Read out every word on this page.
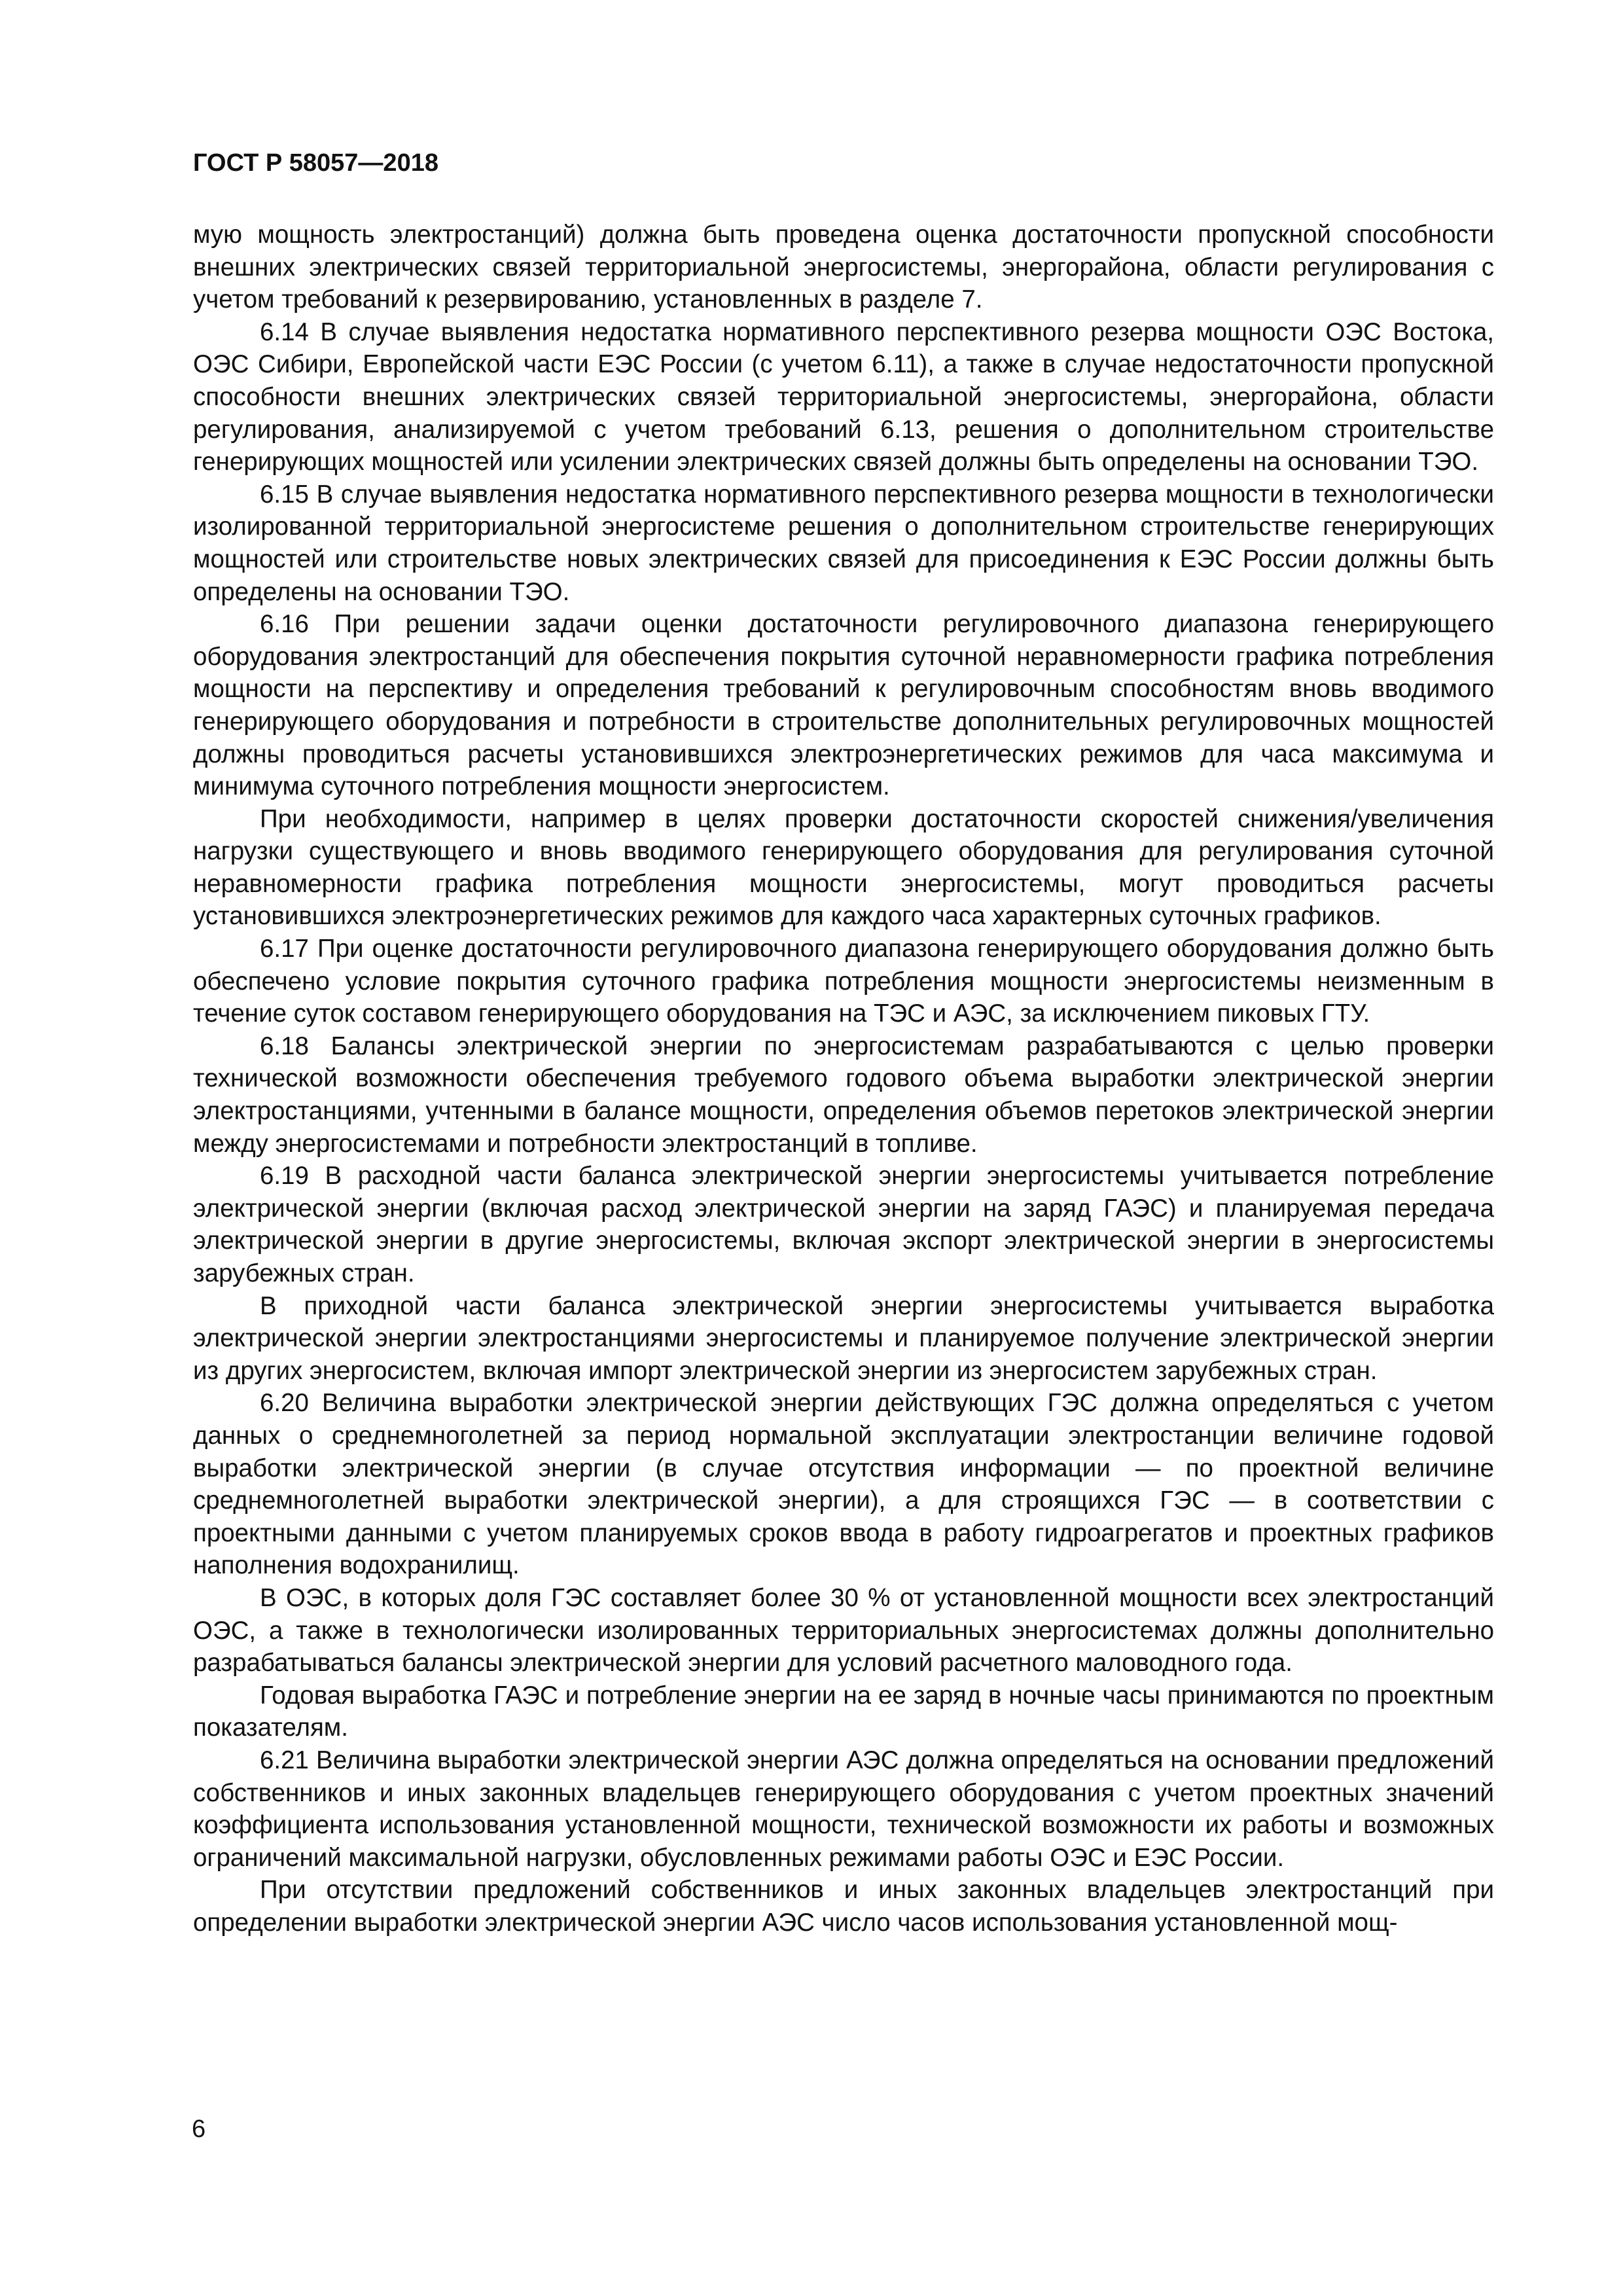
ГОСТ Р 58057—2018

мую мощность электростанций) должна быть проведена оценка достаточности пропускной способности внешних электрических связей территориальной энергосистемы, энергорайона, области регулирования с учетом требований к резервированию, установленных в разделе 7.

6.14 В случае выявления недостатка нормативного перспективного резерва мощности ОЭС Востока, ОЭС Сибири, Европейской части ЕЭС России (с учетом 6.11), а также в случае недостаточности пропускной способности внешних электрических связей территориальной энергосистемы, энергорайона, области регулирования, анализируемой с учетом требований 6.13, решения о дополнительном строительстве генерирующих мощностей или усилении электрических связей должны быть определены на основании ТЭО.

6.15 В случае выявления недостатка нормативного перспективного резерва мощности в технологически изолированной территориальной энергосистеме решения о дополнительном строительстве генерирующих мощностей или строительстве новых электрических связей для присоединения к ЕЭС России должны быть определены на основании ТЭО.

6.16 При решении задачи оценки достаточности регулировочного диапазона генерирующего оборудования электростанций для обеспечения покрытия суточной неравномерности графика потребления мощности на перспективу и определения требований к регулировочным способностям вновь вводимого генерирующего оборудования и потребности в строительстве дополнительных регулировочных мощностей должны проводиться расчеты установившихся электроэнергетических режимов для часа максимума и минимума суточного потребления мощности энергосистем.

При необходимости, например в целях проверки достаточности скоростей снижения/увеличения нагрузки существующего и вновь вводимого генерирующего оборудования для регулирования суточной неравномерности графика потребления мощности энергосистемы, могут проводиться расчеты установившихся электроэнергетических режимов для каждого часа характерных суточных графиков.

6.17 При оценке достаточности регулировочного диапазона генерирующего оборудования должно быть обеспечено условие покрытия суточного графика потребления мощности энергосистемы неизменным в течение суток составом генерирующего оборудования на ТЭС и АЭС, за исключением пиковых ГТУ.

6.18 Балансы электрической энергии по энергосистемам разрабатываются с целью проверки технической возможности обеспечения требуемого годового объема выработки электрической энергии электростанциями, учтенными в балансе мощности, определения объемов перетоков электрической энергии между энергосистемами и потребности электростанций в топливе.

6.19 В расходной части баланса электрической энергии энергосистемы учитывается потребление электрической энергии (включая расход электрической энергии на заряд ГАЭС) и планируемая передача электрической энергии в другие энергосистемы, включая экспорт электрической энергии в энергосистемы зарубежных стран.

В приходной части баланса электрической энергии энергосистемы учитывается выработка электрической энергии электростанциями энергосистемы и планируемое получение электрической энергии из других энергосистем, включая импорт электрической энергии из энергосистем зарубежных стран.

6.20 Величина выработки электрической энергии действующих ГЭС должна определяться с учетом данных о среднемноголетней за период нормальной эксплуатации электростанции величине годовой выработки электрической энергии (в случае отсутствия информации — по проектной величине среднемноголетней выработки электрической энергии), а для строящихся ГЭС — в соответствии с проектными данными с учетом планируемых сроков ввода в работу гидроагрегатов и проектных графиков наполнения водохранилищ.

В ОЭС, в которых доля ГЭС составляет более 30 % от установленной мощности всех электростанций ОЭС, а также в технологически изолированных территориальных энергосистемах должны дополнительно разрабатываться балансы электрической энергии для условий расчетного маловодного года.

Годовая выработка ГАЭС и потребление энергии на ее заряд в ночные часы принимаются по проектным показателям.

6.21 Величина выработки электрической энергии АЭС должна определяться на основании предложений собственников и иных законных владельцев генерирующего оборудования с учетом проектных значений коэффициента использования установленной мощности, технической возможности их работы и возможных ограничений максимальной нагрузки, обусловленных режимами работы ОЭС и ЕЭС России.

При отсутствии предложений собственников и иных законных владельцев электростанций при определении выработки электрической энергии АЭС число часов использования установленной мощ-

6
